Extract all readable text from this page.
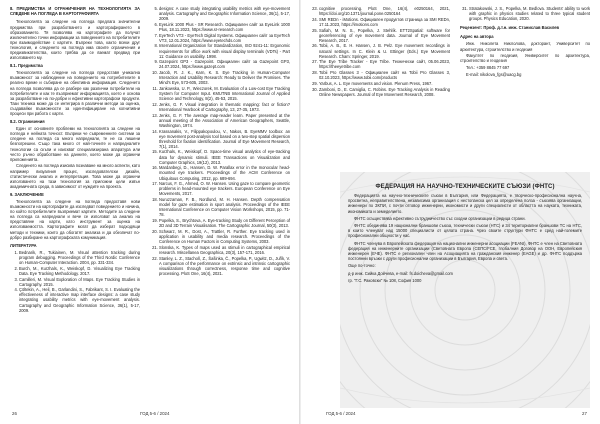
8. ПРЕДИМСТВА И ОГРАНИЧЕНИЯ НА ТЕХНОЛОГИЯТА ЗА СЛЕДЕНЕ НА ПОГЛЕДА В КАРТОГРАФИЯТА

Технологията за следене на погледа предлага значителни предимства при разработването и картографирането в образованието. Тя позволява на картографите да получат изключително точни информации за поведението на потребителите при взаимодействие с картите. Въпреки това, както всеки друг технология, и следенето на погледа има своите ограничения и предизвикателства, които трябва да се вземат предвид при използването му.

8.1. Предимства

Технологията за следене на погледа предоставя уникална възможност за наблюдение на поведението на потребителите в реално време и събиране на обективна информация. Следенето на погледа позволява да се разбере как различни потребители на потребителите и как те възприемат информацията, което е основа за разработване на по-добри и ефективни картографски продукти. Тази техника може да се интегрира в различни методи за оценка, създавайки възможности за идентифициране на когнитивни процеси при работа с карти.

8.2. Ограничения

Един от основните проблеми на технологията за следене на погледа е нейната точност. Въпреки че съвременните системи за следене на погледа са много напреднали, те не са лишени безпогрешни. Също така много от най-точните и напредналите технологии са скъпи и изискват специализирана апаратура или често ръчно обработване на данните, което може да ограничи приложенията.

Следенето на погледа изисква познаване на много аспекти, като например визуалния процес, изследователски дизайн, статистически анализ и интерпретация. Това може да ограничи използването на тази технология за приложни цели извън академичната среда, в зависимост от нуждите на проекта.

9. ЗАКЛЮЧЕНИЕ

Технологията за следене на погледа предоставя нови възможности на картографите да изследват поведението и начина, по който потребителите възприемат картите. Методите за следене на погледа са напреднали и вече се използват за анализ на представяне на карти, като инструмент за оценка на използваемостта. Картографите могат да изберат подходящи методи и техники, които да обогатят анализа и да обезпечат по-добро разбиране на картографската комуникация.

ЛИТЕРАТУРА

1. Bednarik, R., Tukiainen, M. Visual attention tracking during program debugging. Proceedings of the Third Nordic Conference on Human-Computer Interaction. 2004, pp. 331-334.
2. Burch, M., Kurzhals, K., Weiskopf, D. Visualizing Eye Tracking Data. Eye Tracking Methodology. 2017.
3. Camilleri, M. Visual Exploration of Maps. Eye Tracking Studies in Cartography. 2015.
4. Çöltekin, A., Heil, B., Garlandini, S., Fabrikant, S. I. Evaluating the effectiveness of interactive map interface designs: a case study integrating usability metrics with eye-movement analysis. Cartography and Geographic Information Science, 36(1), 5-17, 2009.
5. designs: A case study integrating usability metrics with eye-movement analysis. Cartography and Geographic Information Science, 36(1), 5-17, 2009.
6. EyeLink 1000 Plus - SR Research. Официален сайт за EyeLink 1000 Plus, 18.11.2023, https://www.sr-research.com
7. EyeTech VT3 - EyeTech Digital Systems. Официален сайт за EyeTech VT3, 12.01.2024, https://www.eyetechds.com
8. International Organization for Standardization, ISO 9241-11: Ergonomic requirements for office work with visual display terminals (VDTs) - Part 11: Guidance on usability. 1998.
9. Gazepoint GP3 - Gazepoint. Официален сайт за Gazepoint GP3, 24.07.2024, https://www.gazept.com
10. Jacob, R. J. K., Karn, K. S. Eye Tracking in Human-Computer Interaction and Usability Research: Ready to Deliver the Promises. The Mind's Eye, 573-605, 2003.
11. Jankowska, U. P., Wieczorek, M. Evaluation of a Low-cost Eye Tracking System for Computer Input. KMUTNB International Journal of Applied Science and Technology, 8(2), 45-53, 2015.
12. Jenks, G. F. Visual integration in thematic mapping: fact or fiction? International Yearbook of Cartography, 13, 27-35, 1973.
13. Jenks, G. F. The average map-reader learn. Paper presented at the annual meeting of the Association of American Geographers, Seattle, Washington, 1974.
14. Krassanakis, V., Filippakopoulou, V., Nakos, B. EyeMMV toolbox: an eye movement post-analysis tool based on a two-step spatial dispersion threshold for fixation identification. Journal of Eye Movement Research, 7(1), 2014.
15. Kurzhals, K., Weiskopf, D. Space-time visual analytics of eye-tracking data for dynamic stimuli. IEEE Transactions on Visualization and Computer Graphics, 19(12), 2013.
16. Mardanbegi, D., Hansen, D. W. Parallax error in the monocular head-mounted eye trackers. Proceedings of the ACM Conference on Ubiquitous Computing, 2012, pp. 689-694.
17. Narcus, F. G., Ahmed, O. W. Hansen. Using gaze to compare geometric problems in head-mounted eye trackers. European Conference on Eye Movements, 2017.
18. Nuruzzaman, F. B., Nordlund, M. H. Hansen. Depth compensation model for gaze estimation in sport analysis. Proceedings of the IEEE International Conference on Computer Vision Workshops, 2015, pp. 71-78.
19. Popelka, S., Brychtova, A. Eye-tracking Study on Different Perception of 2D and 3D Terrain Visualisation. The Cartographic Journal, 50(3), 2013.
20. Schwarz, M. R., Dost, A., Trattler, R. Further. Eye tracking used in application in usability and media research. Proceedings of the Conference on Human Factors in Computing Systems, 2003.
21. Slonska, K. Types of maps used as stimuli in cartographical empirical research. Miscellanea Geographica, 20(3), 157-171, 2016.
22. Stanley, L. Z., Stachoň, Z., Šašinka, Č., Popelka, P., Ugwitz, D., Juřík, V. A comparison of the performance on extrinsic and intrinsic cartographic visualizations through correctness, response time and cognitive processing. PloS One, 16(4), 2021.
26	ГОД 5-6 / 2024
23. cognitive processing. PloS One, 16(4), e0250164, 2021, https://doi.org/10.1371/journal.pone.0250164
24. SMI REDn - iMotions. Официален продуктов страница за SMI REDn, 17.11.2023, https://imotions.com
25. Safiah, M. N. S., Popelka, J. Stehlík. ETT2Spatial: software for georeferencing of eye movement data. Journal of Eye Movement Research, 2017.
26. Tobii, A. B., E. H. Hansen, J. B. Pelz. Eye movement recordings in natural settings. In C. Klein & U. Ettinger (Eds.) Eye Movement Research. Cham: Springer, 2019.
27. The Eye Tribe Tracker - Eye Tribe. Технически сайт, 05.06.2023, https://theeyetribe.com
28. Tobii Pro Glasses 3 - Официален сайт на Tobii Pro Glasses 3, 02.10.2023, https://www.tobii.com/products
29. Yarbus, A. L. Eye movements and vision. Plenum Press, 1967.
30. Zamboni, D., E. Camiglia, C. Robins. Eye Tracking Analysis in Reading Online Newspapers. Journal of Eye Movement Research, 2008.
31. Stratakowski, J. S., Popelka, M. Bedlova. Students' ability to work with graphic in physics studies related to three typical student groups. Physics Education, 2020.

Рецензент: Проф. д.т.н. инж. Станислав Василев

Адрес на автора

Инж. Николета Никлолова, докторант, Университет по архитектура, строителство и геодезия

Факултет по геодезия, Университет по архитектура, строителство и геодезия

Тел.: +359 8845 77 697

E-mail: nikolova_fgs@uacg.bg

ГОД 5-6 / 2024	27

ФЕДЕРАЦИЯ НА НАУЧНО-ТЕХНИЧЕСКИТЕ СЪЮЗИ (ФНТС)

Федерацията на научно-техническите съюзи в България, или Федерацията, е творческо-професионална научна, просветна, неправителствена, независима организация с нестопанска цел за определена полза - съюзява организации, инженери по ЗКПИ, с почти отговор инженерни, икономисти и други специалисти от областта на науката, техниката, икономиката и земеделието.

ФНТС осъществява ефективно сътрудничество със сходни организации в редица страни.

ФНТС обединява 19 национални браншови съюза, технически съюзи (НТС) и 34 териториални браншови ТС на НТС, в които членуват над 15000 специалисти от цялата страна. Чрез своите структури ФНТС е сред най-големите професионални общности у нас.

ФНТС членува в Европейската федерация на национални инженерни асоциации (FEANI), ФНТС е член на Световната федерация на инженерните организации (Световната Европа (СЕПС/FCE, глобалния Договор на ООН, Европейския инженерен (ЕЧЕ). ФНТС е регионален член на Асоциацията на гражданския инженер (EAGE) и др. ФНТС поддържа постоянни връзки с други професионални организации в България, Европа и света.

Още по-точно:

д-р инж. Сийка Дойчева, e-mail: fs.doicheva@gmail.com

гр. "Г.С. Раковски" № 108, София 1000
